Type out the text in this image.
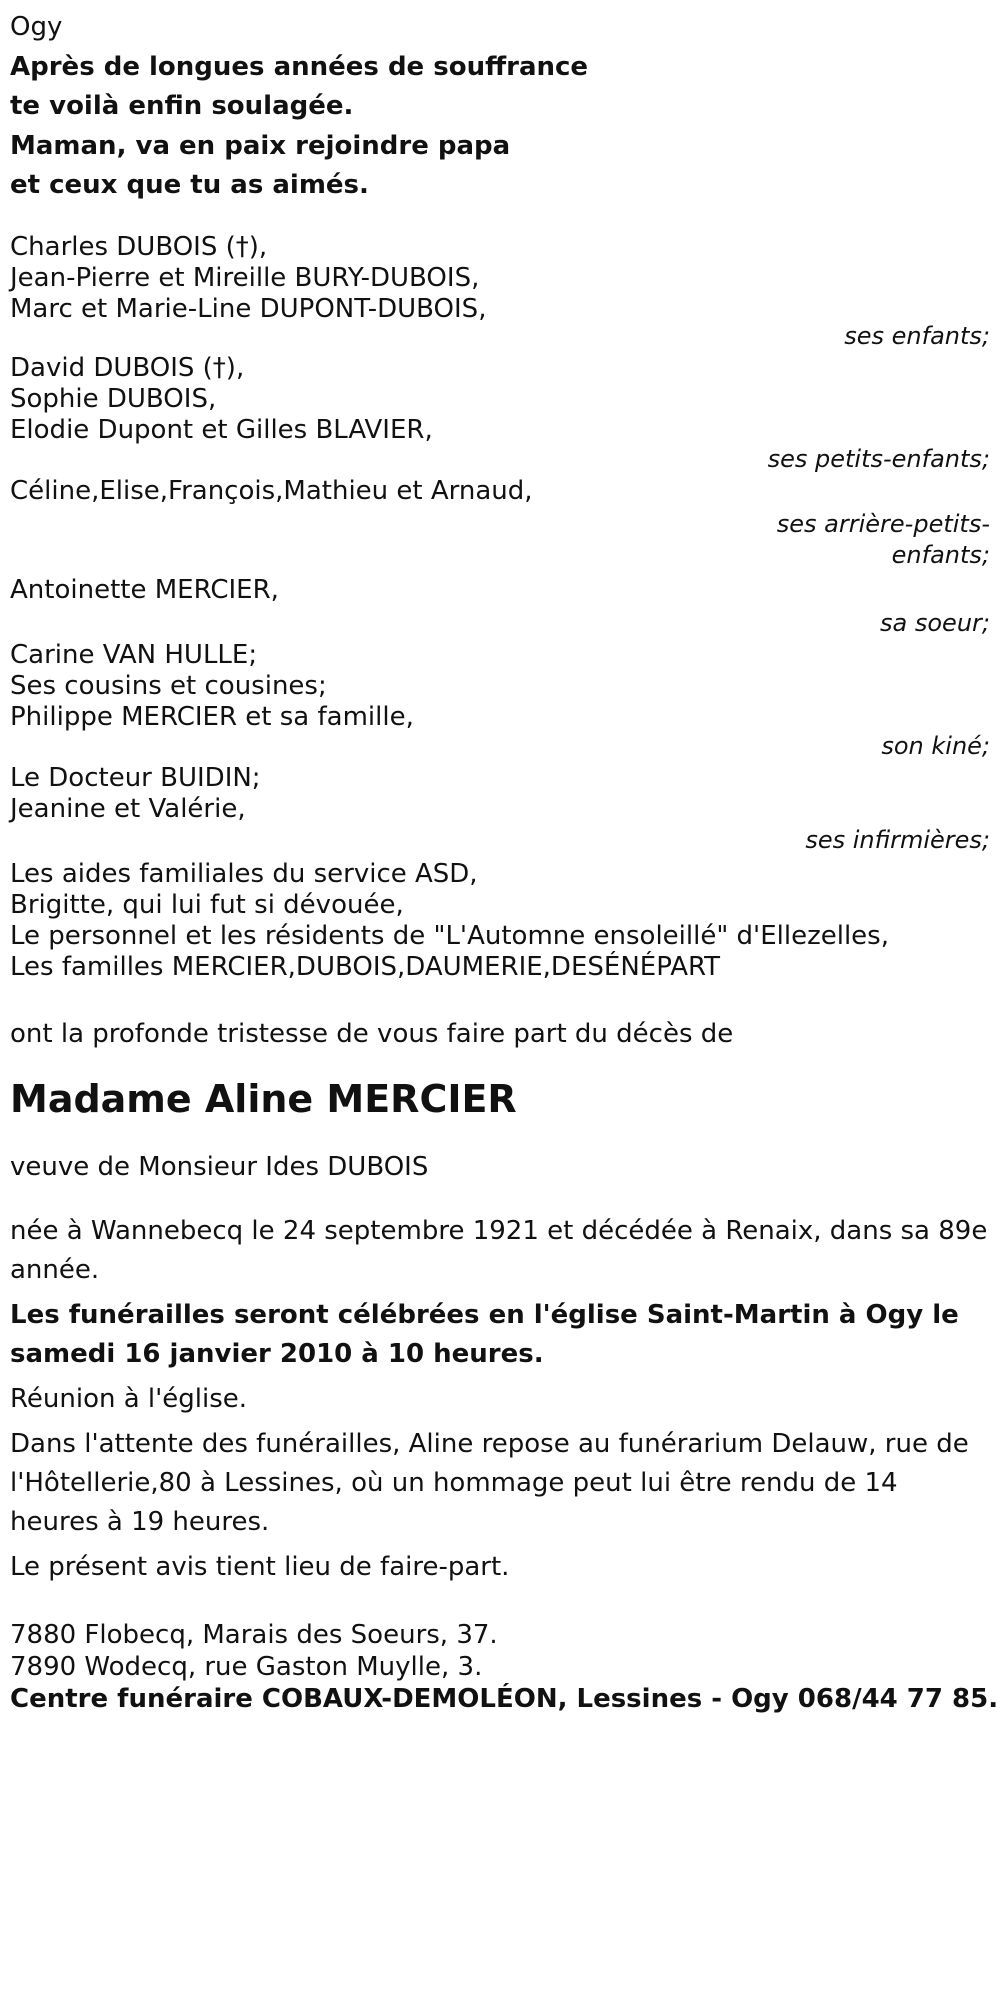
Ogy
Après de longues années de souffrance
te voilà enfin soulagée.
Maman, va en paix rejoindre papa
et ceux que tu as aimés.
Charles DUBOIS (†),
Jean-Pierre et Mireille BURY-DUBOIS,
Marc et Marie-Line DUPONT-DUBOIS,
ses enfants;
David DUBOIS (†),
Sophie DUBOIS,
Elodie Dupont et Gilles BLAVIER,
ses petits-enfants;
Céline,Elise,François,Mathieu et Arnaud,
ses arrière-petits-
enfants;
Antoinette MERCIER,
sa soeur;
Carine VAN HULLE;
Ses cousins et cousines;
Philippe MERCIER et sa famille,
son kiné;
Le Docteur BUIDIN;
Jeanine et Valérie,
ses infirmières;
Les aides familiales du service ASD,
Brigitte, qui lui fut si dévouée,
Le personnel et les résidents de "L'Automne ensoleillé" d'Ellezelles,
Les familles MERCIER,DUBOIS,DAUMERIE,DESÉNÉPART
ont la profonde tristesse de vous faire part du décès de
Madame Aline MERCIER
veuve de Monsieur Ides DUBOIS
née à Wannebecq le 24 septembre 1921 et décédée à Renaix, dans sa 89e année.
Les funérailles seront célébrées en l'église Saint-Martin à Ogy le samedi 16 janvier 2010 à 10 heures.
Réunion à l'église.
Dans l'attente des funérailles, Aline repose au funérarium Delauw, rue de l'Hôtellerie,80 à Lessines, où un hommage peut lui être rendu de 14 heures à 19 heures.
Le présent avis tient lieu de faire-part.
7880 Flobecq, Marais des Soeurs, 37.
7890 Wodecq, rue Gaston Muylle, 3.
Centre funéraire COBAUX-DEMOLÉON, Lessines - Ogy 068/44 77 85.
